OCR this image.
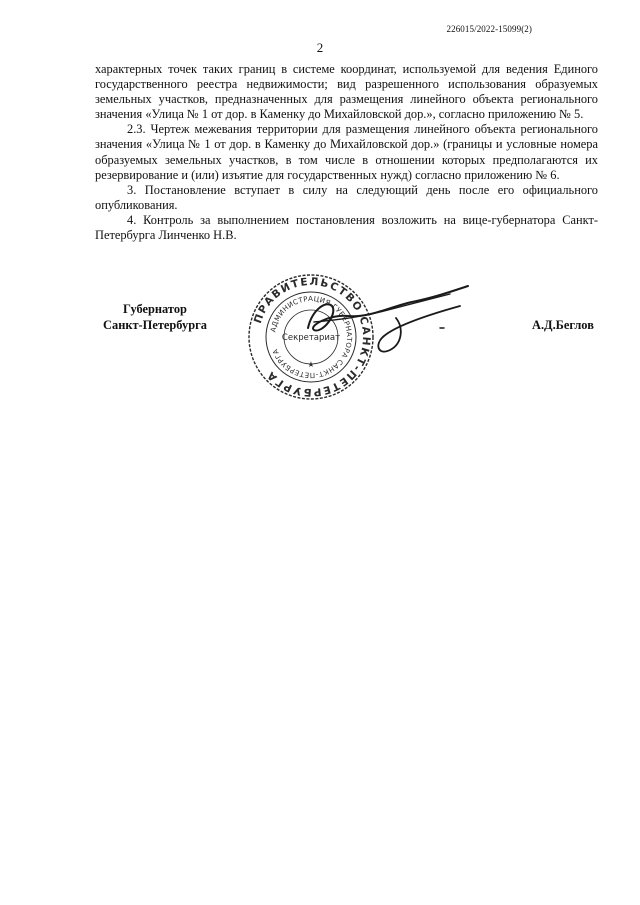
226015/2022-15099(2)
2

характерных точек таких границ в системе координат, используемой для ведения Единого государственного реестра недвижимости; вид разрешенного использования образуемых земельных участков, предназначенных для размещения линейного объекта регионального значения «Улица № 1 от дор. в Каменку до Михайловской дор.», согласно приложению № 5.

2.3. Чертеж межевания территории для размещения линейного объекта регионального значения «Улица № 1 от дор. в Каменку до Михайловской дор.» (границы и условные номера образуемых земельных участков, в том числе в отношении которых предполагаются их резервирование и (или) изъятие для государственных нужд) согласно приложению № 6.

3. Постановление вступает в силу на следующий день после его официального опубликования.

4. Контроль за выполнением постановления возложить на вице-губернатора Санкт-Петербурга Линченко Н.В.

Губернатор
Санкт-Петербурга	ПРАВИТЕЛЬСТВО САНКТ-ПЕТЕРБУРГА
АДМИНИСТРАЦИЯ ГУБЕРНАТОРА САНКТ-ПЕТЕРБУРГА
Секретариат
★
А.Д.Беглов
